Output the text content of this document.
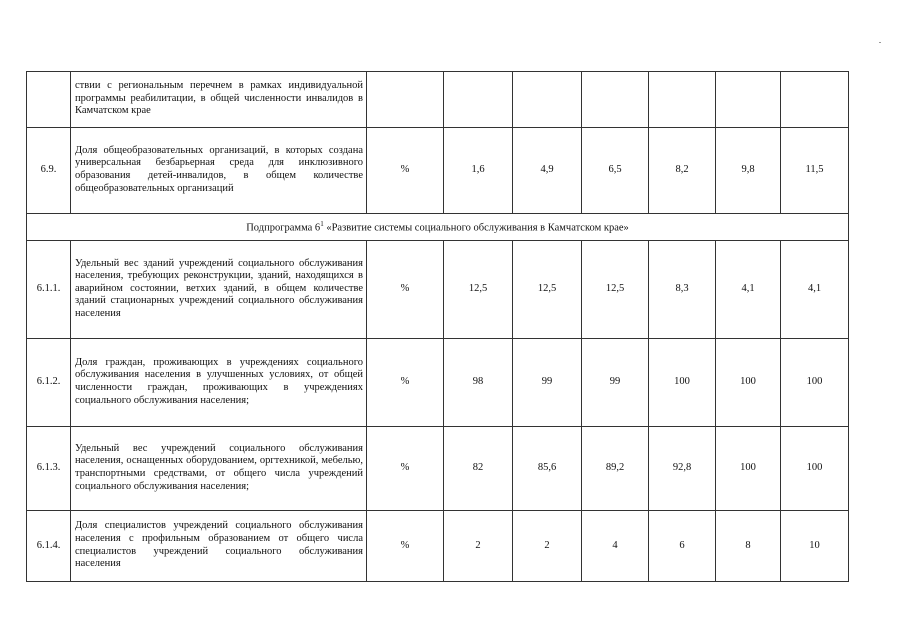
	ствии с региональным перечнем в рамках индивидуальной программы реабилитации, в общей численности инвалидов в Камчатском крае							
6.9.	Доля общеобразовательных организаций, в которых создана универсальная безбарьерная среда для инклюзивного образования детей-инвалидов, в общем количестве общеобразовательных организаций	%	1,6	4,9	6,5	8,2	9,8	11,5
Подпрограмма $6^1$ «Развитие системы социального обслуживания в Камчатском крае»								
6.1.1.	Удельный вес зданий учреждений социального обслуживания населения, требующих реконструкции, зданий, находящихся в аварийном состоянии, ветхих зданий, в общем количестве зданий стационарных учреждений социального обслуживания населения	%	12,5	12,5	12,5	8,3	4,1	4,1
6.1.2.	Доля граждан, проживающих в учреждениях социального обслуживания населения в улучшенных условиях, от общей численности граждан, проживающих в учреждениях социального обслуживания населения;	%	98	99	99	100	100	100
6.1.3.	Удельный вес учреждений социального обслуживания населения, оснащенных оборудованием, оргтехникой, мебелью, транспортными средствами, от общего числа учреждений социального обслуживания населения;	%	82	85,6	89,2	92,8	100	100
6.1.4.	Доля специалистов учреждений социального обслуживания населения с профильным образованием от общего числа специалистов учреждений социального обслуживания населения	%	2	2	4	6	8	10
